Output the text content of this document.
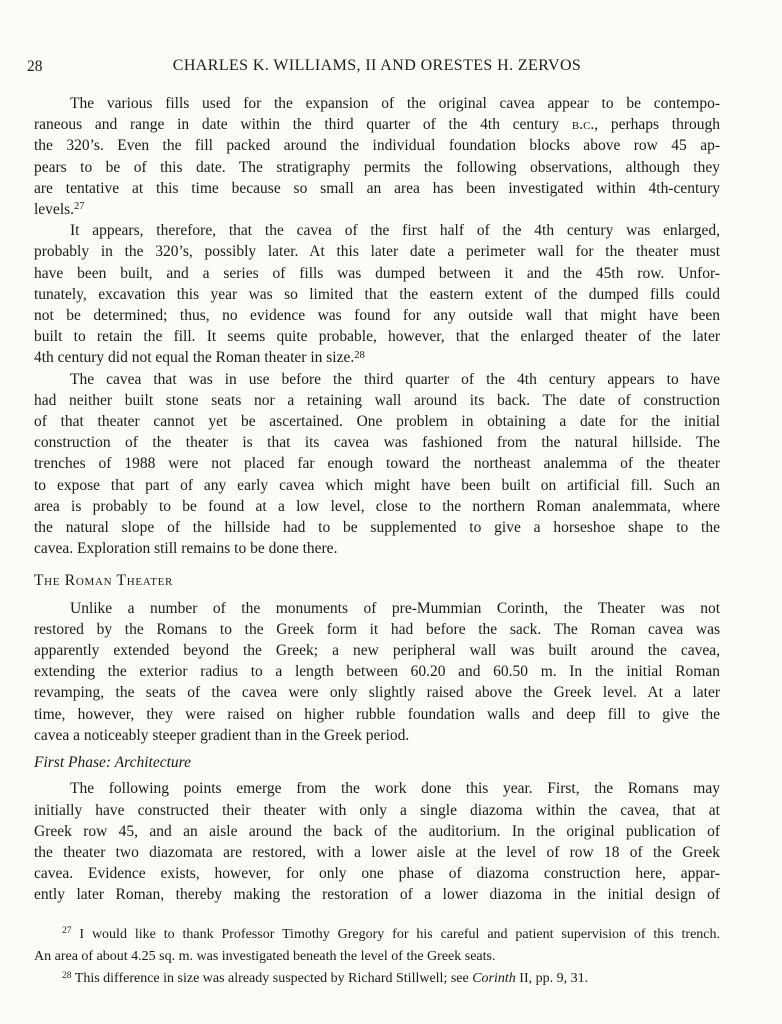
28	CHARLES K. WILLIAMS, II AND ORESTES H. ZERVOS
The various fills used for the expansion of the original cavea appear to be contempo-
raneous and range in date within the third quarter of the 4th century b.c., perhaps through
the 320’s. Even the fill packed around the individual foundation blocks above row 45 ap-
pears to be of this date. The stratigraphy permits the following observations, although they
are tentative at this time because so small an area has been investigated within 4th-century
levels.$^{27}$
It appears, therefore, that the cavea of the first half of the 4th century was enlarged,
probably in the 320’s, possibly later. At this later date a perimeter wall for the theater must
have been built, and a series of fills was dumped between it and the 45th row. Unfor-
tunately, excavation this year was so limited that the eastern extent of the dumped fills could
not be determined; thus, no evidence was found for any outside wall that might have been
built to retain the fill. It seems quite probable, however, that the enlarged theater of the later
4th century did not equal the Roman theater in size.$^{28}$
The cavea that was in use before the third quarter of the 4th century appears to have
had neither built stone seats nor a retaining wall around its back. The date of construction
of that theater cannot yet be ascertained. One problem in obtaining a date for the initial
construction of the theater is that its cavea was fashioned from the natural hillside. The
trenches of 1988 were not placed far enough toward the northeast analemma of the theater
to expose that part of any early cavea which might have been built on artificial fill. Such an
area is probably to be found at a low level, close to the northern Roman analemmata, where
the natural slope of the hillside had to be supplemented to give a horseshoe shape to the
cavea. Exploration still remains to be done there.
The Roman Theater
Unlike a number of the monuments of pre-Mummian Corinth, the Theater was not
restored by the Romans to the Greek form it had before the sack. The Roman cavea was
apparently extended beyond the Greek; a new peripheral wall was built around the cavea,
extending the exterior radius to a length between 60.20 and 60.50 m. In the initial Roman
revamping, the seats of the cavea were only slightly raised above the Greek level. At a later
time, however, they were raised on higher rubble foundation walls and deep fill to give the
cavea a noticeably steeper gradient than in the Greek period.
First Phase: Architecture
The following points emerge from the work done this year. First, the Romans may
initially have constructed their theater with only a single diazoma within the cavea, that at
Greek row 45, and an aisle around the back of the auditorium. In the original publication of
the theater two diazomata are restored, with a lower aisle at the level of row 18 of the Greek
cavea. Evidence exists, however, for only one phase of diazoma construction here, appar-
ently later Roman, thereby making the restoration of a lower diazoma in the initial design of
$^{27}$ I would like to thank Professor Timothy Gregory for his careful and patient supervision of this trench.
An area of about 4.25 sq. m. was investigated beneath the level of the Greek seats.
$^{28}$ This difference in size was already suspected by Richard Stillwell; see Corinth II, pp. 9, 31.
